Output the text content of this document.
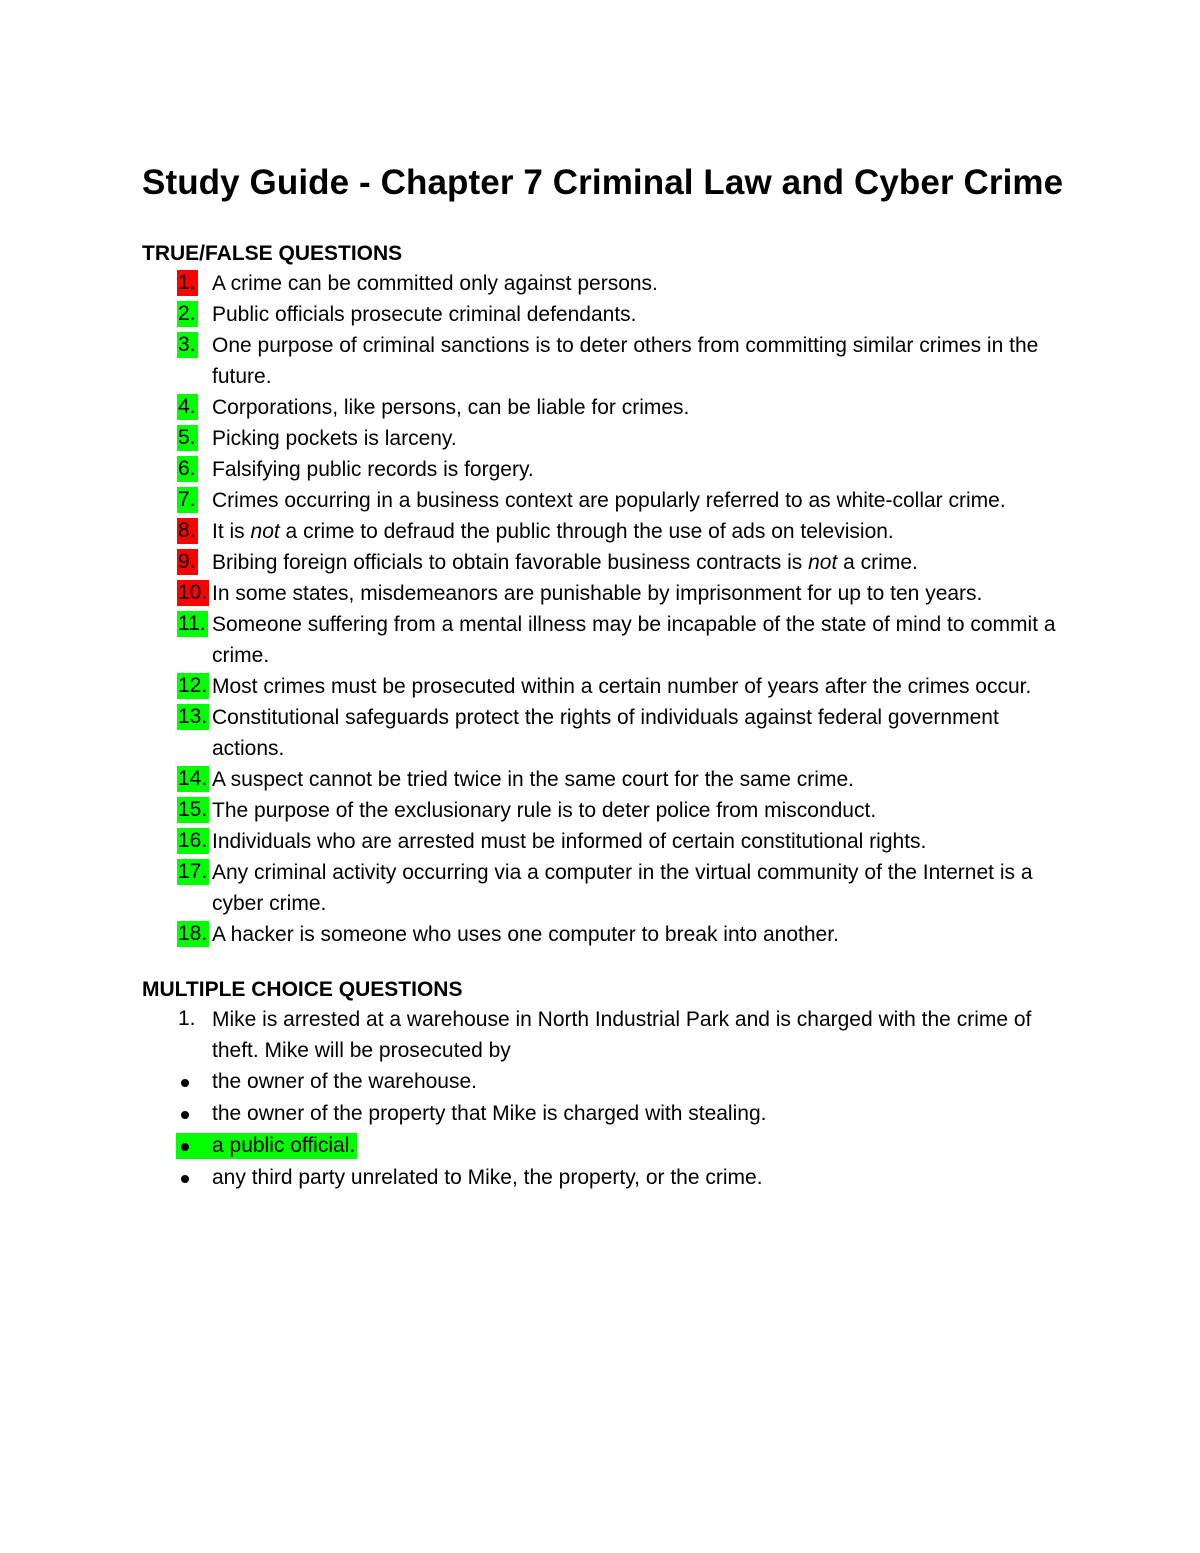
Study Guide - Chapter 7 Criminal Law and Cyber Crime
TRUE/FALSE QUESTIONS
1. A crime can be committed only against persons.
2. Public officials prosecute criminal defendants.
3. One purpose of criminal sanctions is to deter others from committing similar crimes in the future.
4. Corporations, like persons, can be liable for crimes.
5. Picking pockets is larceny.
6. Falsifying public records is forgery.
7. Crimes occurring in a business context are popularly referred to as white-collar crime.
8. It is not a crime to defraud the public through the use of ads on television.
9. Bribing foreign officials to obtain favorable business contracts is not a crime.
10. In some states, misdemeanors are punishable by imprisonment for up to ten years.
11. Someone suffering from a mental illness may be incapable of the state of mind to commit a crime.
12. Most crimes must be prosecuted within a certain number of years after the crimes occur.
13. Constitutional safeguards protect the rights of individuals against federal government actions.
14. A suspect cannot be tried twice in the same court for the same crime.
15. The purpose of the exclusionary rule is to deter police from misconduct.
16. Individuals who are arrested must be informed of certain constitutional rights.
17. Any criminal activity occurring via a computer in the virtual community of the Internet is a cyber crime.
18. A hacker is someone who uses one computer to break into another.
MULTIPLE CHOICE QUESTIONS
1. Mike is arrested at a warehouse in North Industrial Park and is charged with the crime of theft. Mike will be prosecuted by
the owner of the warehouse.
the owner of the property that Mike is charged with stealing.
a public official.
any third party unrelated to Mike, the property, or the crime.
